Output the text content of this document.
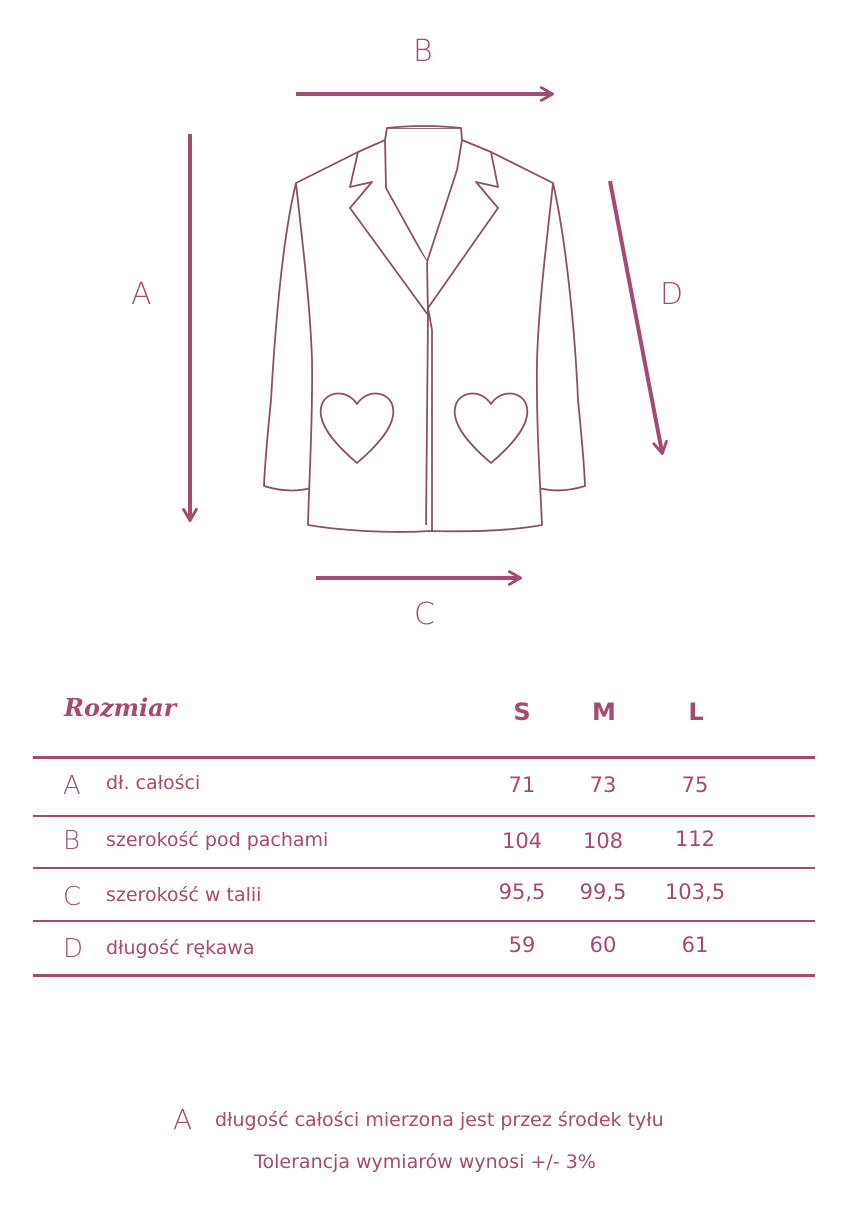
B
A	D
C
Rozmiar	S	M	L
A dł. całości	71	73	75
B szerokość pod pachami	104	108	112
C szerokość w talii	95,5	99,5	103,5
D długość rękawa	59	60	61
A długość całości mierzona jest przez środek tyłu
Tolerancja wymiarów wynosi +/- 3%
